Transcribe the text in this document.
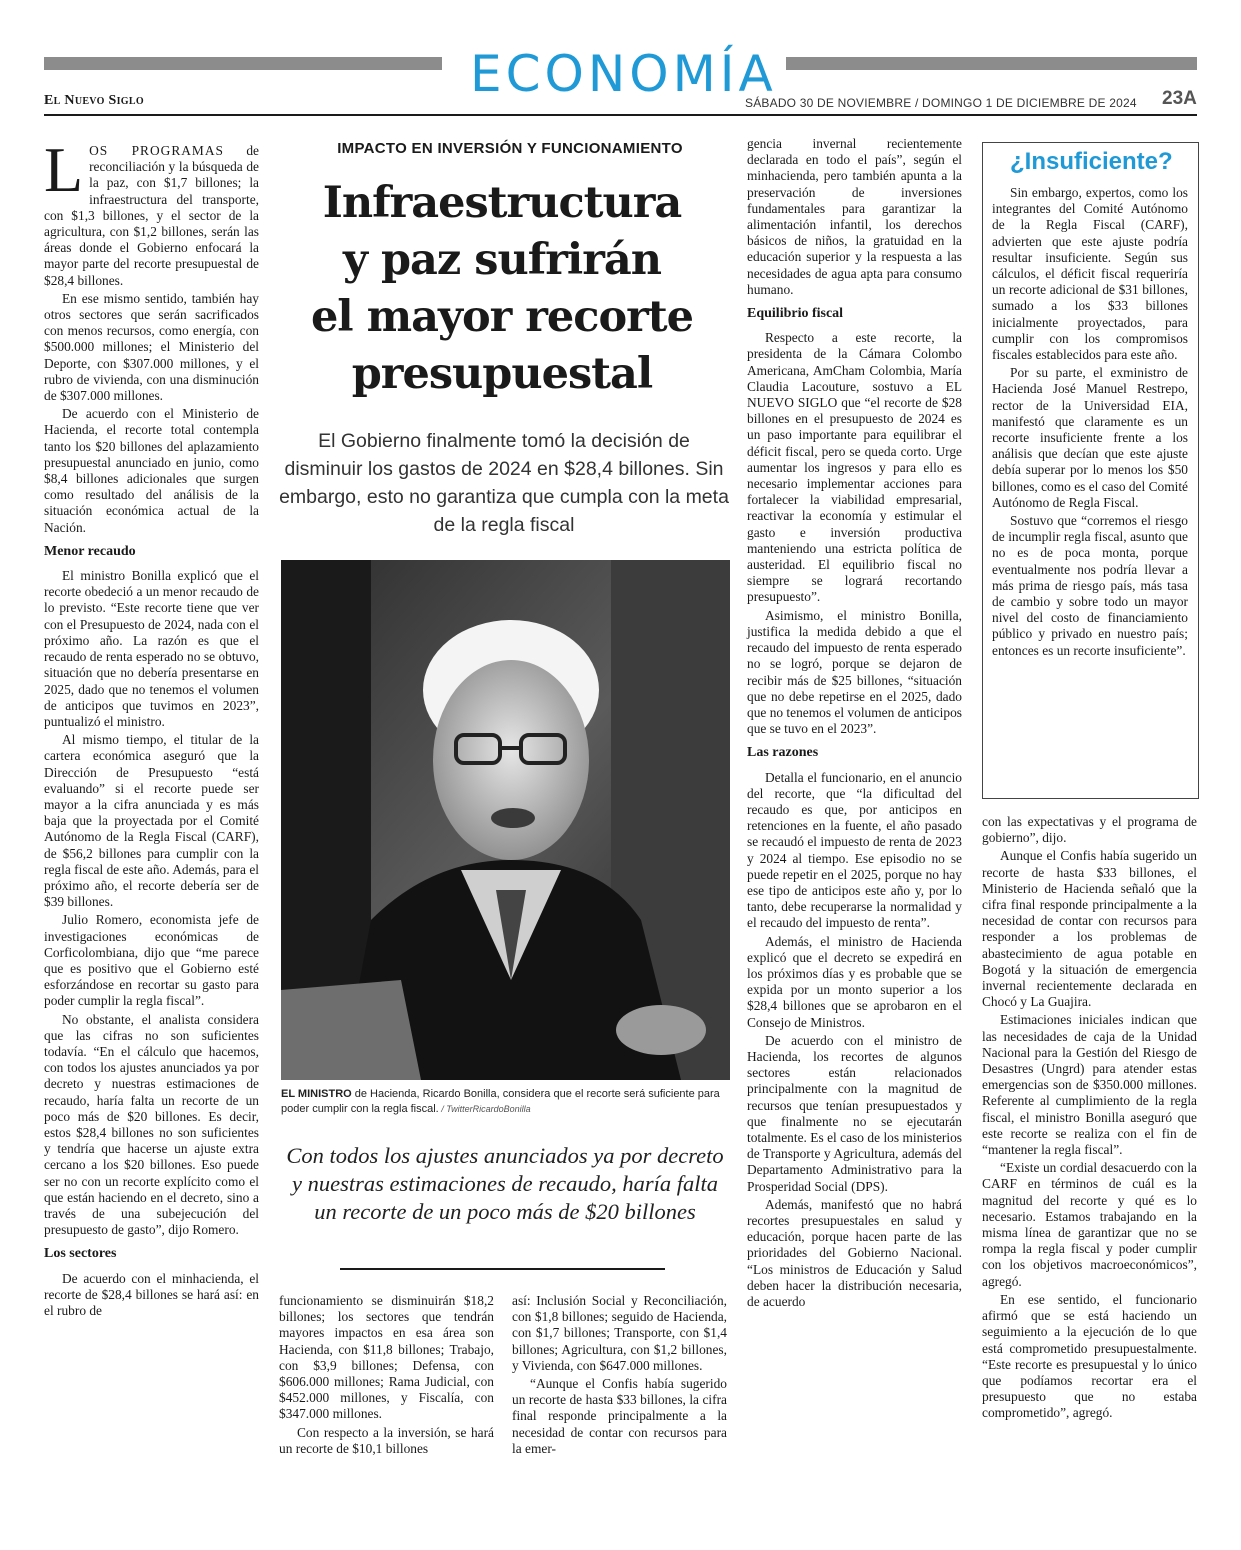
ECONOMÍA
El Nuevo Siglo	SÁBADO 30 DE NOVIEMBRE / DOMINGO 1 DE DICIEMBRE DE 2024 23A

LOS PROGRAMAS de reconciliación y la búsqueda de la paz, con $1,7 billones; la infraestructura del transporte, con $1,3 billones, y el sector de la agricultura, con $1,2 billones, serán las áreas donde el Gobierno enfocará la mayor parte del recorte presupuestal de $28,4 billones.

En ese mismo sentido, también hay otros sectores que serán sacrificados con menos recursos, como energía, con $500.000 millones; el Ministerio del Deporte, con $307.000 millones, y el rubro de vivienda, con una disminución de $307.000 millones.

De acuerdo con el Ministerio de Hacienda, el recorte total contempla tanto los $20 billones del aplazamiento presupuestal anunciado en junio, como $8,4 billones adicionales que surgen como resultado del análisis de la situación económica actual de la Nación.

Menor recaudo

El ministro Bonilla explicó que el recorte obedeció a un menor recaudo de lo previsto. “Este recorte tiene que ver con el Presupuesto de 2024, nada con el próximo año. La razón es que el recaudo de renta esperado no se obtuvo, situación que no debería presentarse en 2025, dado que no tenemos el volumen de anticipos que tuvimos en 2023”, puntualizó el ministro.

Al mismo tiempo, el titular de la cartera económica aseguró que la Dirección de Presupuesto “está evaluando” si el recorte puede ser mayor a la cifra anunciada y es más baja que la proyectada por el Comité Autónomo de la Regla Fiscal (CARF), de $56,2 billones para cumplir con la regla fiscal de este año. Además, para el próximo año, el recorte debería ser de $39 billones.

Julio Romero, economista jefe de investigaciones económicas de Corficolombiana, dijo que “me parece que es positivo que el Gobierno esté esforzándose en recortar su gasto para poder cumplir la regla fiscal”.

No obstante, el analista considera que las cifras no son suficientes todavía. “En el cálculo que hacemos, con todos los ajustes anunciados ya por decreto y nuestras estimaciones de recaudo, haría falta un recorte de un poco más de $20 billones. Es decir, estos $28,4 billones no son suficientes y tendría que hacerse un ajuste extra cercano a los $20 billones. Eso puede ser no con un recorte explícito como el que están haciendo en el decreto, sino a través de una subejecución del presupuesto de gasto”, dijo Romero.

Los sectores

De acuerdo con el minhacienda, el recorte de $28,4 billones se hará así: en el rubro de

IMPACTO EN INVERSIÓN Y FUNCIONAMIENTO
Infraestructura
y paz sufrirán
el mayor recorte
presupuestal
El Gobierno finalmente tomó la decisión de disminuir los gastos de 2024 en $28,4 billones. Sin embargo, esto no garantiza que cumpla con la meta de la regla fiscal
EL MINISTRO de Hacienda, Ricardo Bonilla, considera que el recorte será suficiente para poder cumplir con la regla fiscal. / TwitterRicardoBonilla
Con todos los ajustes anunciados ya por decreto y nuestras estimaciones de recaudo, haría falta un recorte de un poco más de $20 billones

funcionamiento se disminuirán $18,2 billones; los sectores que tendrán mayores impactos en esa área son Hacienda, con $11,8 billones; Trabajo, con $3,9 billones; Defensa, con $606.000 millones; Rama Judicial, con $452.000 millones, y Fiscalía, con $347.000 millones.

Con respecto a la inversión, se hará un recorte de $10,1 billones

así: Inclusión Social y Reconciliación, con $1,8 billones; seguido de Hacienda, con $1,7 billones; Transporte, con $1,4 billones; Agricultura, con $1,2 billones, y Vivienda, con $647.000 millones.

“Aunque el Confis había sugerido un recorte de hasta $33 billones, la cifra final responde principalmente a la necesidad de contar con recursos para la emer-

gencia invernal recientemente declarada en todo el país”, según el minhacienda, pero también apunta a la preservación de inversiones fundamentales para garantizar la alimentación infantil, los derechos básicos de niños, la gratuidad en la educación superior y la respuesta a las necesidades de agua apta para consumo humano.

Equilibrio fiscal

Respecto a este recorte, la presidenta de la Cámara Colombo Americana, AmCham Colombia, María Claudia Lacouture, sostuvo a EL NUEVO SIGLO que “el recorte de $28 billones en el presupuesto de 2024 es un paso importante para equilibrar el déficit fiscal, pero se queda corto. Urge aumentar los ingresos y para ello es necesario implementar acciones para fortalecer la viabilidad empresarial, reactivar la economía y estimular el gasto e inversión productiva manteniendo una estricta política de austeridad. El equilibrio fiscal no siempre se logrará recortando presupuesto”.

Asimismo, el ministro Bonilla, justifica la medida debido a que el recaudo del impuesto de renta esperado no se logró, porque se dejaron de recibir más de $25 billones, “situación que no debe repetirse en el 2025, dado que no tenemos el volumen de anticipos que se tuvo en el 2023”.

Las razones

Detalla el funcionario, en el anuncio del recorte, que “la dificultad del recaudo es que, por anticipos en retenciones en la fuente, el año pasado se recaudó el impuesto de renta de 2023 y 2024 al tiempo. Ese episodio no se puede repetir en el 2025, porque no hay ese tipo de anticipos este año y, por lo tanto, debe recuperarse la normalidad y el recaudo del impuesto de renta”.

Además, el ministro de Hacienda explicó que el decreto se expedirá en los próximos días y es probable que se expida por un monto superior a los $28,4 billones que se aprobaron en el Consejo de Ministros.

De acuerdo con el ministro de Hacienda, los recortes de algunos sectores están relacionados principalmente con la magnitud de recursos que tenían presupuestados y que finalmente no se ejecutarán totalmente. Es el caso de los ministerios de Transporte y Agricultura, además del Departamento Administrativo para la Prosperidad Social (DPS).

Además, manifestó que no habrá recortes presupuestales en salud y educación, porque hacen parte de las prioridades del Gobierno Nacional. “Los ministros de Educación y Salud deben hacer la distribución necesaria, de acuerdo

¿Insuficiente?

Sin embargo, expertos, como los integrantes del Comité Autónomo de la Regla Fiscal (CARF), advierten que este ajuste podría resultar insuficiente. Según sus cálculos, el déficit fiscal requeriría un recorte adicional de $31 billones, sumado a los $33 billones inicialmente proyectados, para cumplir con los compromisos fiscales establecidos para este año.

Por su parte, el exministro de Hacienda José Manuel Restrepo, rector de la Universidad EIA, manifestó que claramente es un recorte insuficiente frente a los análisis que decían que este ajuste debía superar por lo menos los $50 billones, como es el caso del Comité Autónomo de Regla Fiscal.

Sostuvo que “corremos el riesgo de incumplir regla fiscal, asunto que no es de poca monta, porque eventualmente nos podría llevar a más prima de riesgo país, más tasa de cambio y sobre todo un mayor nivel del costo de financiamiento público y privado en nuestro país; entonces es un recorte insuficiente”.

con las expectativas y el programa de gobierno”, dijo.

Aunque el Confis había sugerido un recorte de hasta $33 billones, el Ministerio de Hacienda señaló que la cifra final responde principalmente a la necesidad de contar con recursos para responder a los problemas de abastecimiento de agua potable en Bogotá y la situación de emergencia invernal recientemente declarada en Chocó y La Guajira.

Estimaciones iniciales indican que las necesidades de caja de la Unidad Nacional para la Gestión del Riesgo de Desastres (Ungrd) para atender estas emergencias son de $350.000 millones. Referente al cumplimiento de la regla fiscal, el ministro Bonilla aseguró que este recorte se realiza con el fin de “mantener la regla fiscal”.

“Existe un cordial desacuerdo con la CARF en términos de cuál es la magnitud del recorte y qué es lo necesario. Estamos trabajando en la misma línea de garantizar que no se rompa la regla fiscal y poder cumplir con los objetivos macroeconómicos”, agregó.

En ese sentido, el funcionario afirmó que se está haciendo un seguimiento a la ejecución de lo que está comprometido presupuestalmente. “Este recorte es presupuestal y lo único que podíamos recortar era el presupuesto que no estaba comprometido”, agregó.
